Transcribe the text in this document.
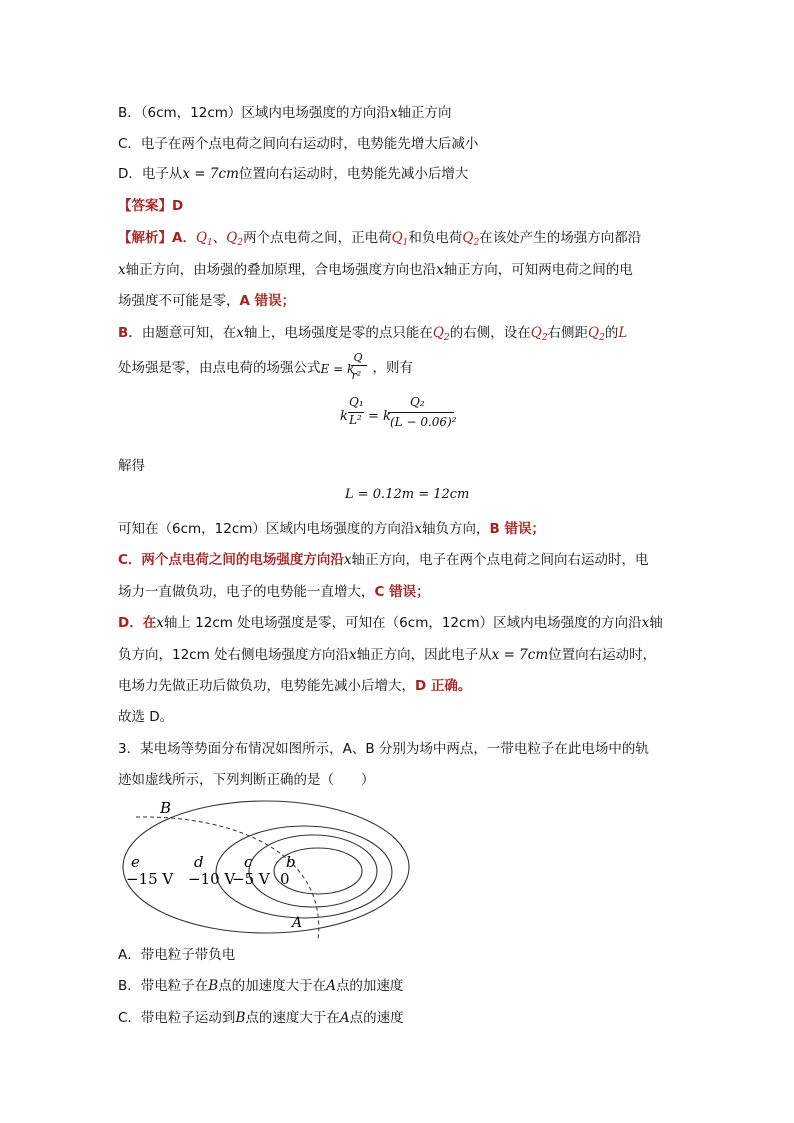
B．（6cm，12cm）区域内电场强度的方向沿x轴正方向
C．电子在两个点电荷之间向右运动时，电势能先增大后减小
D．电子从x = 7cm位置向右运动时，电势能先减小后增大
【答案】D
【解析】A．$Q_1$、$Q_2$两个点电荷之间，正电荷$Q_1$和负电荷$Q_2$在该处产生的场强方向都沿
x轴正方向，由场强的叠加原理，合电场强度方向也沿x轴正方向，可知两电荷之间的电
场强度不可能是零，A 错误；
B．由题意可知，在x轴上，电场强度是零的点只能在$Q_2$的右侧，设在$Q_2$右侧距$Q_2$的L
处场强是零，由点电荷的场强公式 E = k
Q
r² ，则有
k
Q₁
L² = k
Q₂
(L − 0.06)²
解得
L = 0.12m = 12cm
可知在（6cm，12cm）区域内电场强度的方向沿x轴负方向，B 错误；
C．两个点电荷之间的电场强度方向沿x轴正方向，电子在两个点电荷之间向右运动时，电
场力一直做负功，电子的电势能一直增大，C 错误；
D．在x轴上 12cm 处电场强度是零，可知在（6cm，12cm）区域内电场强度的方向沿x轴
负方向，12cm 处右侧电场强度方向沿x轴正方向，因此电子从x = 7cm位置向右运动时，
电场力先做正功后做负功，电势能先减小后增大，D 正确。
故选 D。
3．某电场等势面分布情况如图所示，A、B 分别为场中两点，一带电粒子在此电场中的轨
迹如虚线所示，下列判断正确的是（　　）
B
A
e	d	c b
−15 V −10 V
−5 V 0
A．带电粒子带负电
B．带电粒子在B点的加速度大于在A点的加速度
C．带电粒子运动到B点的速度大于在A点的速度
